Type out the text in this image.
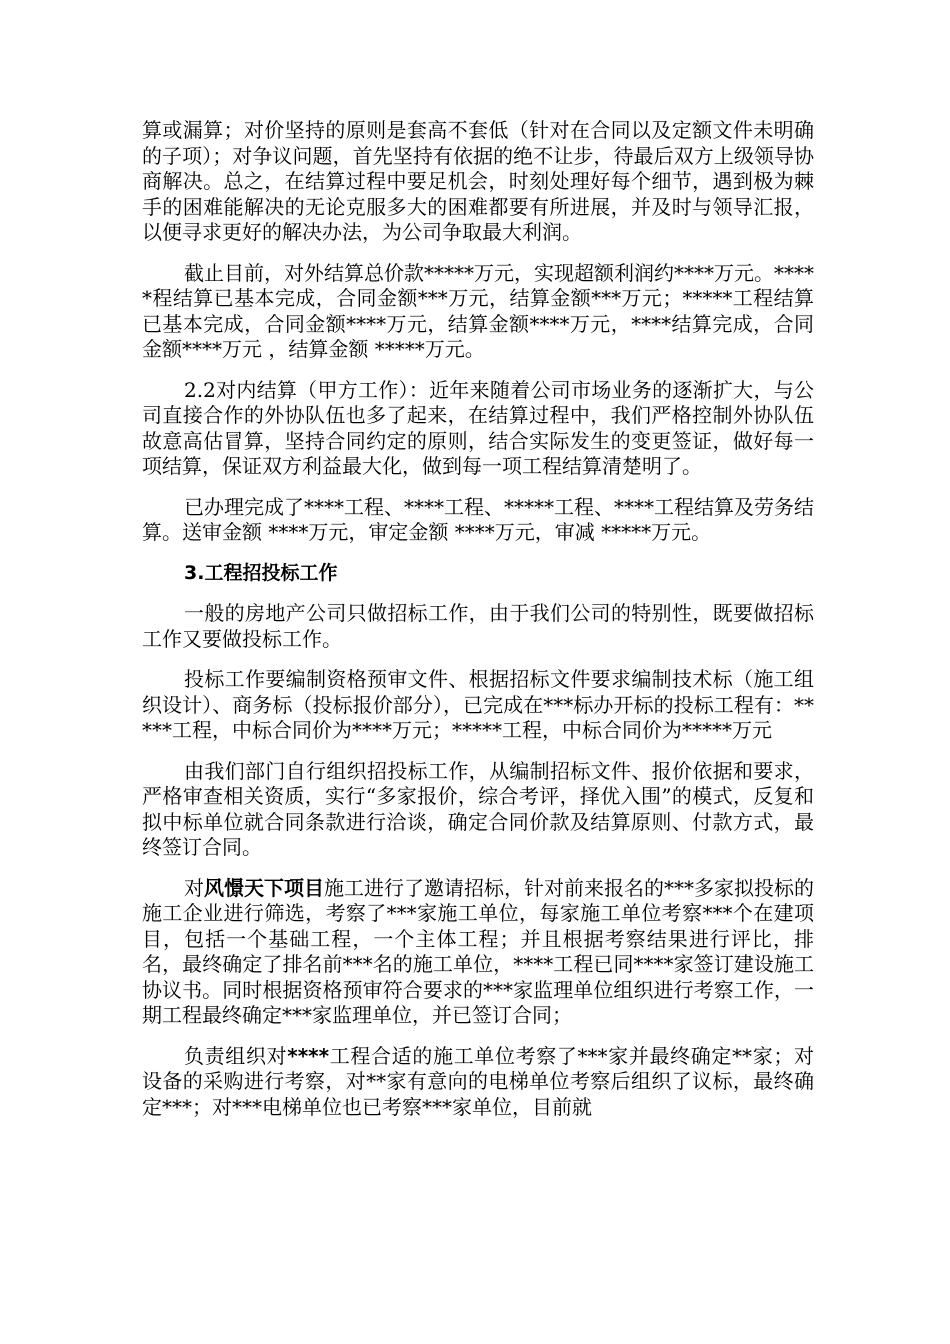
算或漏算；对价坚持的原则是套高不套低（针对在合同以及定额文件未明确的子项）；对争议问题，首先坚持有依据的绝不让步，待最后双方上级领导协商解决。总之，在结算过程中要足机会，时刻处理好每个细节，遇到极为棘手的困难能解决的无论克服多大的困难都要有所进展，并及时与领导汇报，以便寻求更好的解决办法，为公司争取最大利润。

截止目前，对外结算总价款*****万元，实现超额利润约****万元。*****程结算已基本完成，合同金额***万元，结算金额***万元；*****工程结算已基本完成，合同金额****万元，结算金额****万元，****结算完成，合同金额****万元 ，结算金额 *****万元。

2.2对内结算（甲方工作）：近年来随着公司市场业务的逐渐扩大，与公司直接合作的外协队伍也多了起来，在结算过程中，我们严格控制外协队伍故意高估冒算，坚持合同约定的原则，结合实际发生的变更签证，做好每一项结算，保证双方利益最大化，做到每一项工程结算清楚明了。

已办理完成了****工程、****工程、*****工程、****工程结算及劳务结算。送审金额 ****万元，审定金额 ****万元，审减 *****万元。

3.工程招投标工作

一般的房地产公司只做招标工作，由于我们公司的特别性，既要做招标工作又要做投标工作。

投标工作要编制资格预审文件、根据招标文件要求编制技术标（施工组织设计）、商务标（投标报价部分），已完成在***标办开标的投标工程有：*****工程，中标合同价为****万元；*****工程，中标合同价为*****万元

由我们部门自行组织招投标工作，从编制招标文件、报价依据和要求，严格审查相关资质，实行“多家报价，综合考评，择优入围”的模式，反复和拟中标单位就合同条款进行洽谈，确定合同价款及结算原则、付款方式，最终签订合同。

对风憬天下项目施工进行了邀请招标，针对前来报名的***多家拟投标的施工企业进行筛选，考察了***家施工单位，每家施工单位考察***个在建项目，包括一个基础工程，一个主体工程；并且根据考察结果进行评比，排名，最终确定了排名前***名的施工单位，****工程已同****家签订建设施工协议书。同时根据资格预审符合要求的***家监理单位组织进行考察工作，一期工程最终确定***家监理单位，并已签订合同；

负责组织对****工程合适的施工单位考察了***家并最终确定**家；对设备的采购进行考察，对**家有意向的电梯单位考察后组织了议标，最终确定***；对***电梯单位也已考察***家单位，目前就
